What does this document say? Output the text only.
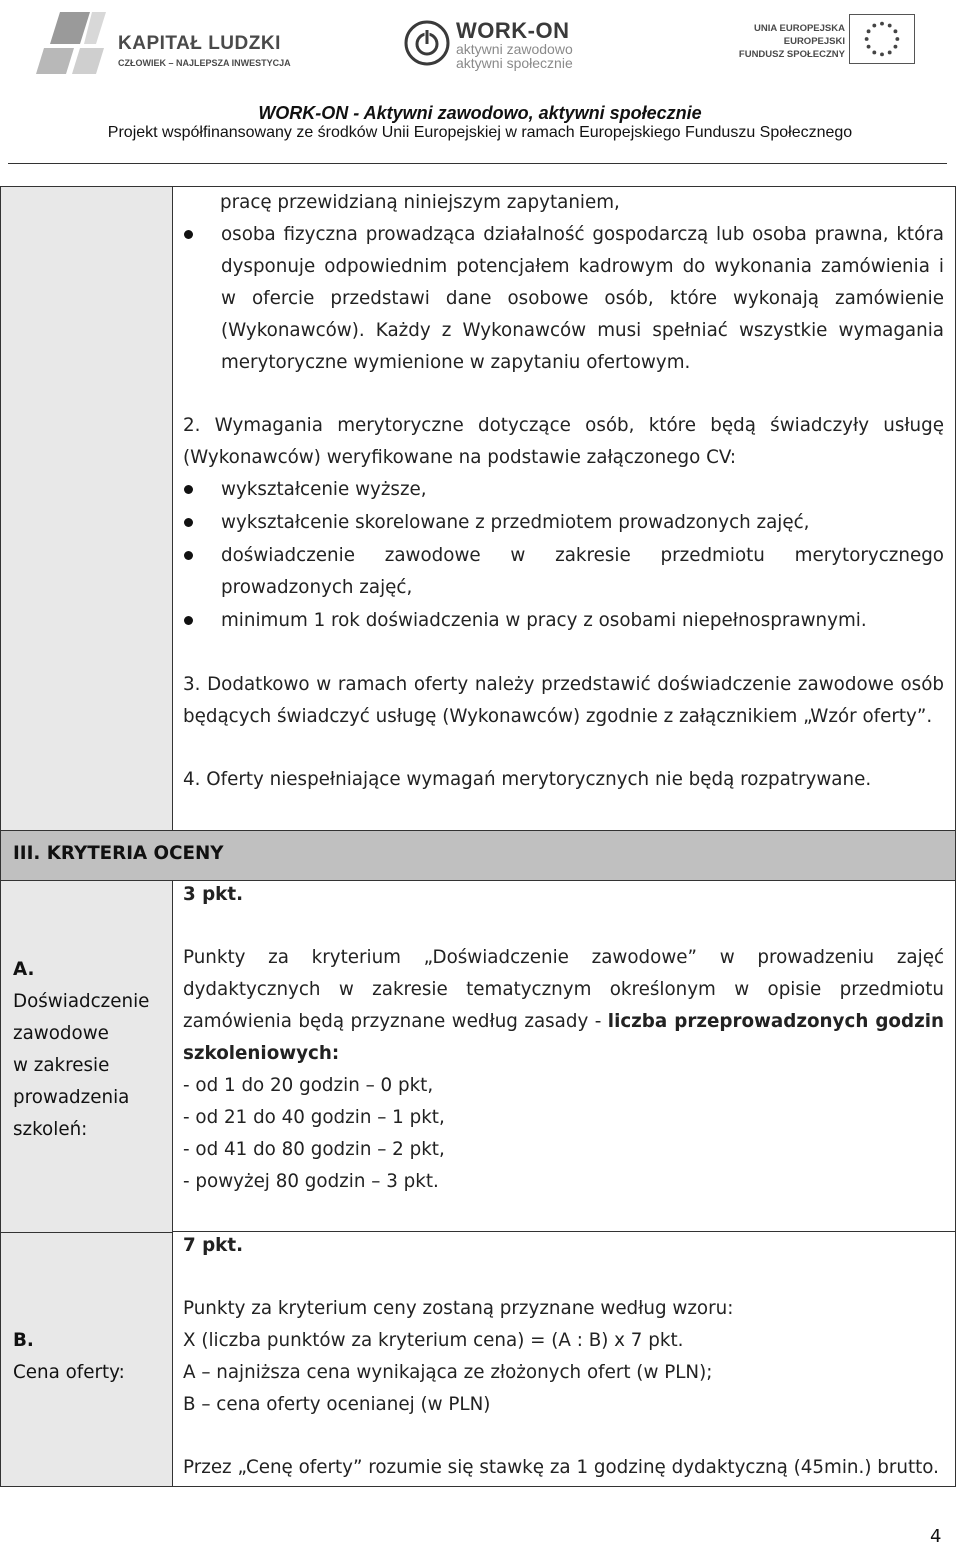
KAPITAŁ LUDZKI
CZŁOWIEK – NAJLEPSZA INWESTYCJA
WORK-ON
aktywni zawodowo
aktywni społecznie
UNIA EUROPEJSKA
EUROPEJSKI
FUNDUSZ SPOŁECZNY
WORK-ON - Aktywni zawodowo, aktywni społecznie
Projekt współfinansowany ze środków Unii Europejskiej w ramach Europejskiego Funduszu Społecznego
III. KRYTERIA OCENY
A.
Doświadczenie
zawodowe
w zakresie
prowadzenia
szkoleń:
B.
Cena oferty:
pracę przewidzianą niniejszym zapytaniem,
osoba fizyczna prowadząca działalność gospodarczą lub osoba prawna, która
dysponuje odpowiednim potencjałem kadrowym do wykonania zamówienia i
w ofercie przedstawi dane osobowe osób, które wykonają zamówienie
(Wykonawców). Każdy z Wykonawców musi spełniać wszystkie wymagania
merytoryczne wymienione w zapytaniu ofertowym.
2. Wymagania merytoryczne dotyczące osób, które będą świadczyły usługę
(Wykonawców) weryfikowane na podstawie załączonego CV:
wykształcenie wyższe,
wykształcenie skorelowane z przedmiotem prowadzonych zajęć,
doświadczenie zawodowe w zakresie przedmiotu merytorycznego
prowadzonych zajęć,
minimum 1 rok doświadczenia w pracy z osobami niepełnosprawnymi.
3. Dodatkowo w ramach oferty należy przedstawić doświadczenie zawodowe osób
będących świadczyć usługę (Wykonawców) zgodnie z załącznikiem „Wzór oferty”.
4. Oferty niespełniające wymagań merytorycznych nie będą rozpatrywane.
3 pkt.
Punkty za kryterium „Doświadczenie zawodowe” w prowadzeniu zajęć
dydaktycznych w zakresie tematycznym określonym w opisie przedmiotu
zamówienia będą przyznane według zasady - liczba przeprowadzonych godzin
szkoleniowych:
- od 1 do 20 godzin – 0 pkt,
- od 21 do 40 godzin – 1 pkt,
- od 41 do 80 godzin – 2 pkt,
- powyżej 80 godzin – 3 pkt.
7 pkt.
Punkty za kryterium ceny zostaną przyznane według wzoru:
X (liczba punktów za kryterium cena) = (A : B) x 7 pkt.
A – najniższa cena wynikająca ze złożonych ofert (w PLN);
B – cena oferty ocenianej (w PLN)
Przez „Cenę oferty” rozumie się stawkę za 1 godzinę dydaktyczną (45min.) brutto.
4
